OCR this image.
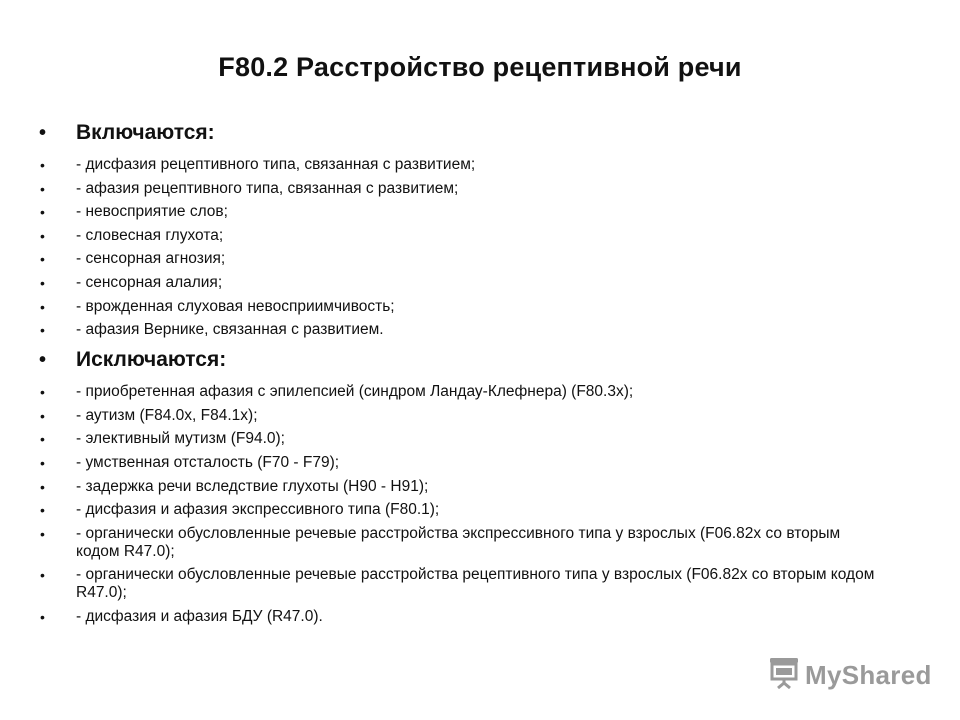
F80.2 Расстройство рецептивной речи
• Включаются:
• - дисфазия рецептивного типа, связанная с развитием;
• - афазия рецептивного типа, связанная с развитием;
• - невосприятие слов;
• - словесная глухота;
• - сенсорная агнозия;
• - сенсорная алалия;
• - врожденная слуховая невосприимчивость;
• - афазия Вернике, связанная с развитием.
• Исключаются:
• - приобретенная афазия с эпилепсией (синдром Ландау-Клефнера) (F80.3x);
• - аутизм (F84.0x, F84.1x);
• - элективный мутизм (F94.0);
• - умственная отсталость (F70 - F79);
• - задержка речи вследствие глухоты (H90 - H91);
• - дисфазия и афазия экспрессивного типа (F80.1);
• - органически обусловленные речевые расстройства экспрессивного типа у взрослых (F06.82х со вторым кодом R47.0);
• - органически обусловленные речевые расстройства рецептивного типа у взрослых (F06.82х со вторым кодом R47.0);
• - дисфазия и афазия БДУ (R47.0).
MyShared
